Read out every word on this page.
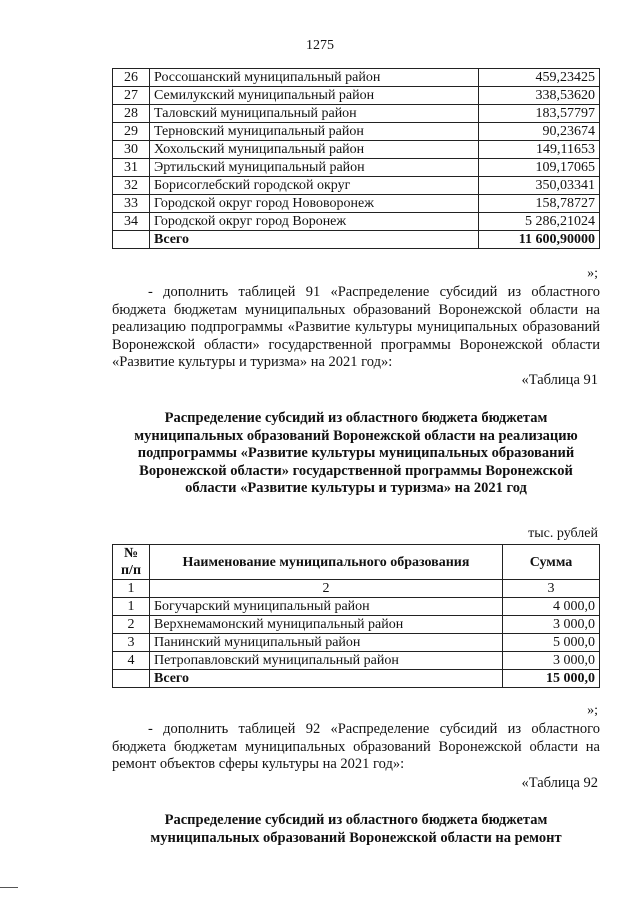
1275
26	Россошанский муниципальный район	459,23425
27	Семилукский муниципальный район	338,53620
28	Таловский муниципальный район	183,57797
29	Терновский муниципальный район	90,23674
30	Хохольский муниципальный район	149,11653
31	Эртильский муниципальный район	109,17065
32	Борисоглебский городской округ	350,03341
33	Городской округ город Нововоронеж	158,78727
34	Городской округ город Воронеж	5 286,21024
	Всего	11 600,90000
»;
- дополнить таблицей 91 «Распределение субсидий из областного бюджета бюджетам муниципальных образований Воронежской области на реализацию подпрограммы «Развитие культуры муниципальных образований Воронежской области» государственной программы Воронежской области «Развитие культуры и туризма» на 2021 год»:
«Таблица 91
Распределение субсидий из областного бюджета бюджетам муниципальных образований Воронежской области на реализацию подпрограммы «Развитие культуры муниципальных образований Воронежской области» государственной программы Воронежской области «Развитие культуры и туризма» на 2021 год
тыс. рублей
№ п/п	Наименование муниципального образования	Сумма
1	2	3
1	Богучарский муниципальный район	4 000,0
2	Верхнемамонский муниципальный район	3 000,0
3	Панинский муниципальный район	5 000,0
4	Петропавловский муниципальный район	3 000,0
	Всего	15 000,0
»;
- дополнить таблицей 92 «Распределение субсидий из областного бюджета бюджетам муниципальных образований Воронежской области на ремонт объектов сферы культуры на 2021 год»:
«Таблица 92
Распределение субсидий из областного бюджета бюджетам муниципальных образований Воронежской области на ремонт
